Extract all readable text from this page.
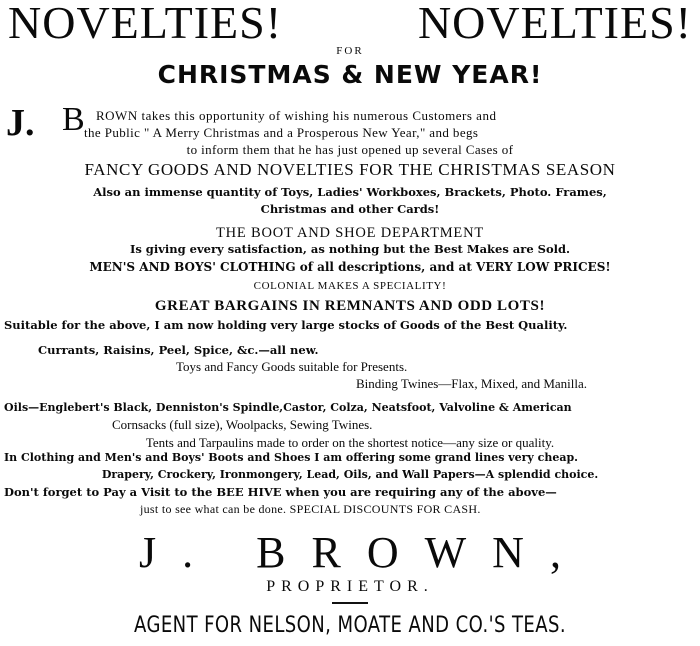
NOVELTIES!	NOVELTIES!
FOR
CHRISTMAS & NEW YEAR!
J. B ROWN takes this opportunity of wishing his numerous Customers and
the Public " A Merry Christmas and a Prosperous New Year," and begs
to inform them that he has just opened up several Cases of
FANCY GOODS AND NOVELTIES FOR THE CHRISTMAS SEASON
Also an immense quantity of Toys, Ladies' Workboxes, Brackets, Photo. Frames,
Christmas and other Cards!
THE BOOT AND SHOE DEPARTMENT
Is giving every satisfaction, as nothing but the Best Makes are Sold.
MEN'S AND BOYS' CLOTHING of all descriptions, and at VERY LOW PRICES!
COLONIAL MAKES A SPECIALITY!
GREAT BARGAINS IN REMNANTS AND ODD LOTS!
Suitable for the above, I am now holding very large stocks of Goods of the Best Quality.
Currants, Raisins, Peel, Spice, &c.—all new.
Toys and Fancy Goods suitable for Presents.
Binding Twines—Flax, Mixed, and Manilla.
Oils—Englebert's Black, Denniston's Spindle,Castor, Colza, Neatsfoot, Valvoline & American
Cornsacks (full size), Woolpacks, Sewing Twines.
Tents and Tarpaulins made to order on the shortest notice—any size or quality.
In Clothing and Men's and Boys' Boots and Shoes I am offering some grand lines very cheap.
Drapery, Crockery, Ironmongery, Lead, Oils, and Wall Papers—A splendid choice.
Don't forget to Pay a Visit to the BEE HIVE when you are requiring any of the above—
just to see what can be done. SPECIAL DISCOUNTS FOR CASH.
J. BROWN,
PROPRIETOR.
AGENT FOR NELSON, MOATE AND CO.'S TEAS.
